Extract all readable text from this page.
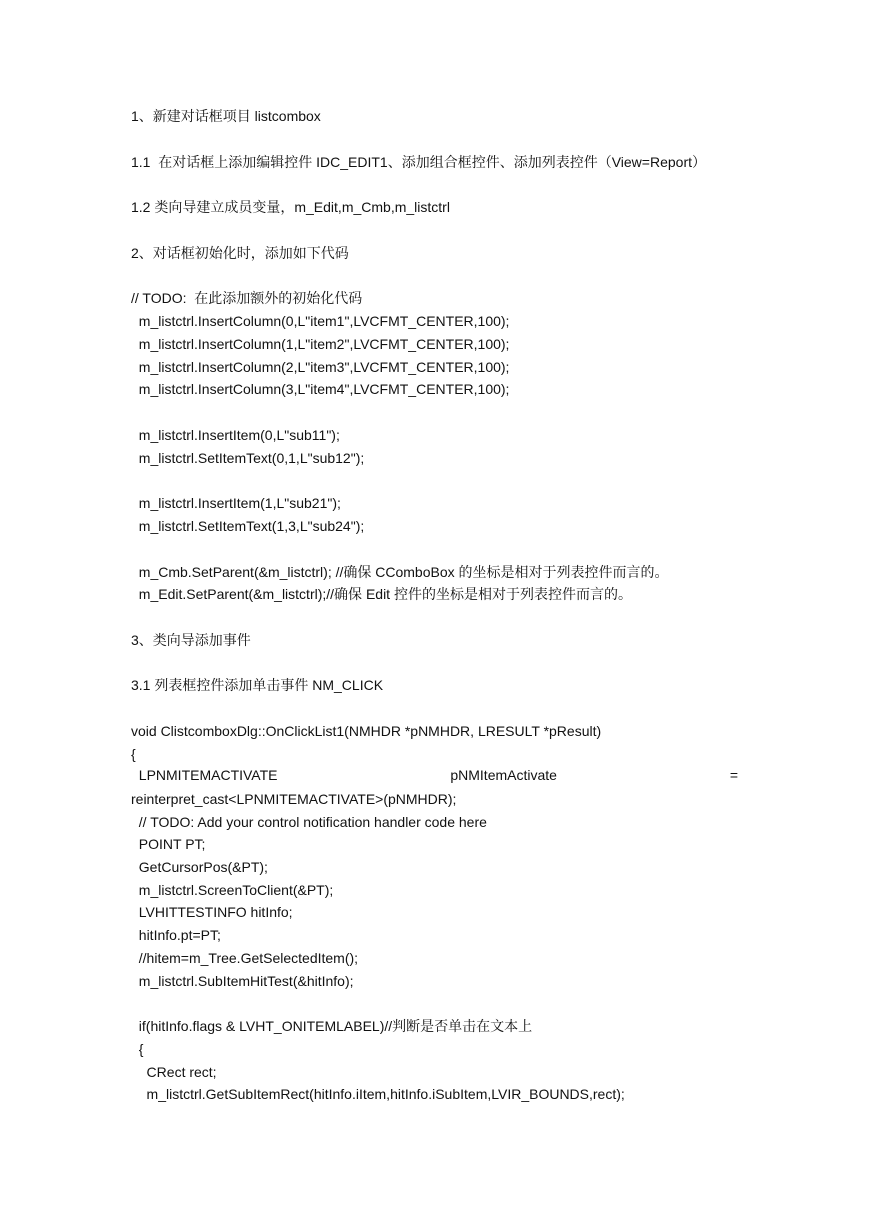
1、新建对话框项目 listcombox
1.1  在对话框上添加编辑控件 IDC_EDIT1、添加组合框控件、添加列表控件（View=Report）
1.2 类向导建立成员变量，m_Edit,m_Cmb,m_listctrl
2、对话框初始化时，添加如下代码
// TODO:  在此添加额外的初始化代码
m_listctrl.InsertColumn(0,L"item1",LVCFMT_CENTER,100);
m_listctrl.InsertColumn(1,L"item2",LVCFMT_CENTER,100);
m_listctrl.InsertColumn(2,L"item3",LVCFMT_CENTER,100);
m_listctrl.InsertColumn(3,L"item4",LVCFMT_CENTER,100);
m_listctrl.InsertItem(0,L"sub11");
m_listctrl.SetItemText(0,1,L"sub12");
m_listctrl.InsertItem(1,L"sub21");
m_listctrl.SetItemText(1,3,L"sub24");
m_Cmb.SetParent(&m_listctrl); //确保 CComboBox 的坐标是相对于列表控件而言的。
m_Edit.SetParent(&m_listctrl);//确保 Edit 控件的坐标是相对于列表控件而言的。
3、类向导添加事件
3.1 列表框控件添加单击事件 NM_CLICK
void ClistcomboxDlg::OnClickList1(NMHDR *pNMHDR, LRESULT *pResult)
{
LPNMITEMACTIVATE	pNMItemActivate	=
reinterpret_cast<LPNMITEMACTIVATE>(pNMHDR);
// TODO: Add your control notification handler code here
POINT PT;
GetCursorPos(&PT);
m_listctrl.ScreenToClient(&PT);
LVHITTESTINFO hitInfo;
hitInfo.pt=PT;
//hitem=m_Tree.GetSelectedItem();
m_listctrl.SubItemHitTest(&hitInfo);
if(hitInfo.flags & LVHT_ONITEMLABEL)//判断是否单击在文本上
{
CRect rect;
m_listctrl.GetSubItemRect(hitInfo.iItem,hitInfo.iSubItem,LVIR_BOUNDS,rect);
